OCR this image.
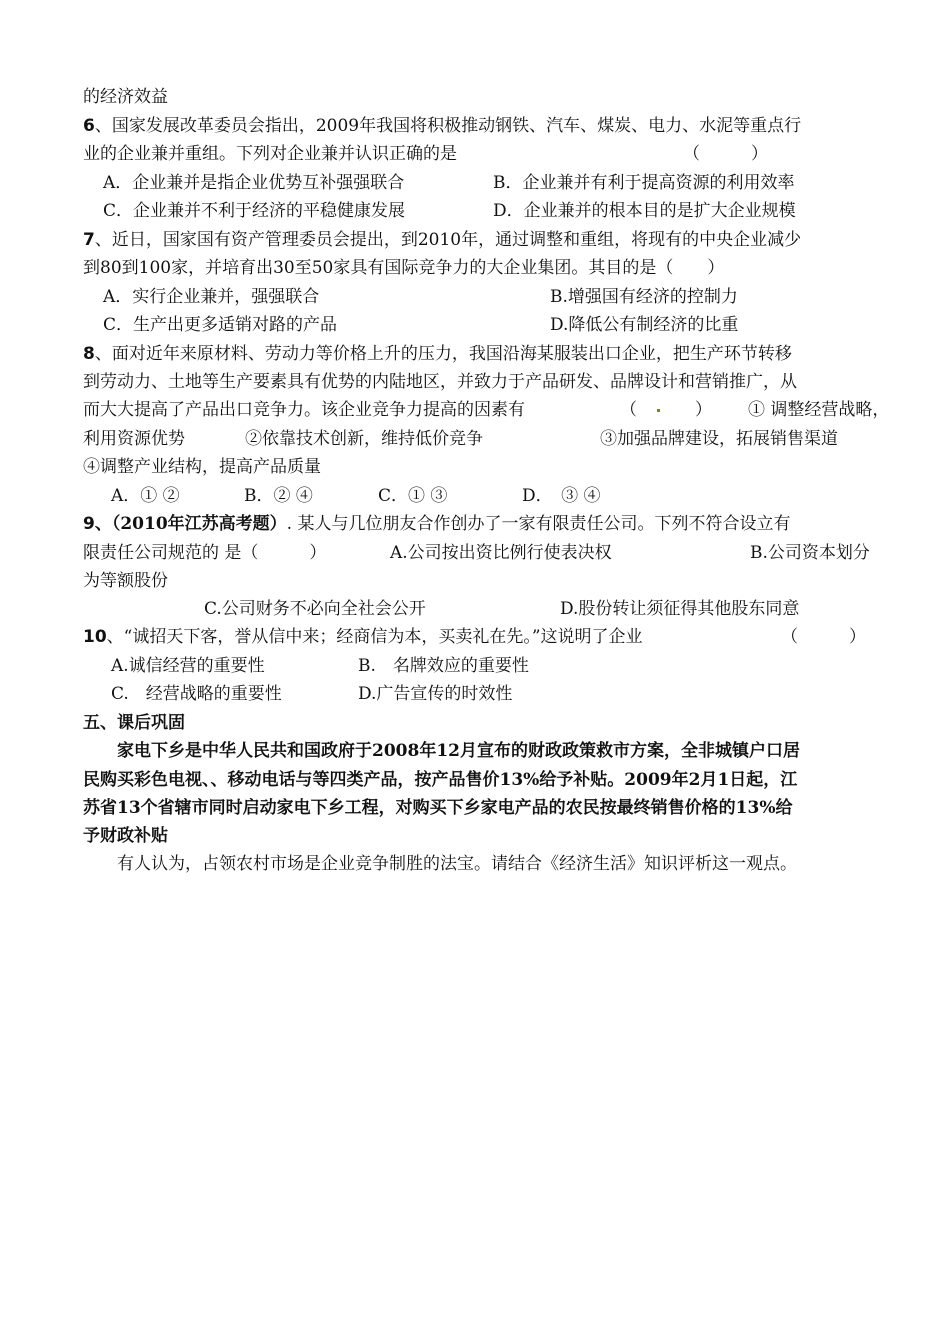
的经济效益
6、国家发展改革委员会指出，2009年我国将积极推动钢铁、汽车、煤炭、电力、水泥等重点行
业的企业兼并重组。下列对企业兼并认识正确的是	（　　　）
A．企业兼并是指企业优势互补强强联合	B．企业兼并有利于提高资源的利用效率
C．企业兼并不利于经济的平稳健康发展	D．企业兼并的根本目的是扩大企业规模
7、近日，国家国有资产管理委员会提出，到2010年，通过调整和重组，将现有的中央企业减少
到80到100家，并培育出30至50家具有国际竞争力的大企业集团。其目的是（　　）
A．实行企业兼并，强强联合	B.增强国有经济的控制力
C．生产出更多适销对路的产品	D.降低公有制经济的比重
8、面对近年来原材料、劳动力等价格上升的压力，我国沿海某服装出口企业，把生产环节转移
到劳动力、土地等生产要素具有优势的内陆地区，并致力于产品研发、品牌设计和营销推广，从
而大大提高了产品出口竞争力。该企业竞争力提高的因素有	（	） ① 调整经营战略，
利用资源优势	②依靠技术创新，维持低价竞争	③加强品牌建设，拓展销售渠道
④调整产业结构，提高产品质量
A．① ②	B．② ④	C．① ③	D．　③ ④
9、（2010年江苏高考题）. 某人与几位朋友合作创办了一家有限责任公司。下列不符合设立有
限责任公司规范的 是（　　　）	A.公司按出资比例行使表决权	B.公司资本划分
为等额股份
C.公司财务不必向全社会公开	D.股份转让须征得其他股东同意
10、“诚招天下客，誉从信中来；经商信为本，买卖礼在先。”这说明了企业	（　　　）
A.诚信经营的重要性	B.　名牌效应的重要性
C.　经营战略的重要性	D.广告宣传的时效性
五、课后巩固
家电下乡是中华人民共和国政府于2008年12月宣布的财政政策救市方案，全非城镇户口居
民购买彩色电视、、移动电话与等四类产品，按产品售价13%给予补贴。2009年2月1日起，江
苏省13个省辖市同时启动家电下乡工程，对购买下乡家电产品的农民按最终销售价格的13%给
予财政补贴
有人认为，占领农村市场是企业竞争制胜的法宝。请结合《经济生活》知识评析这一观点。
